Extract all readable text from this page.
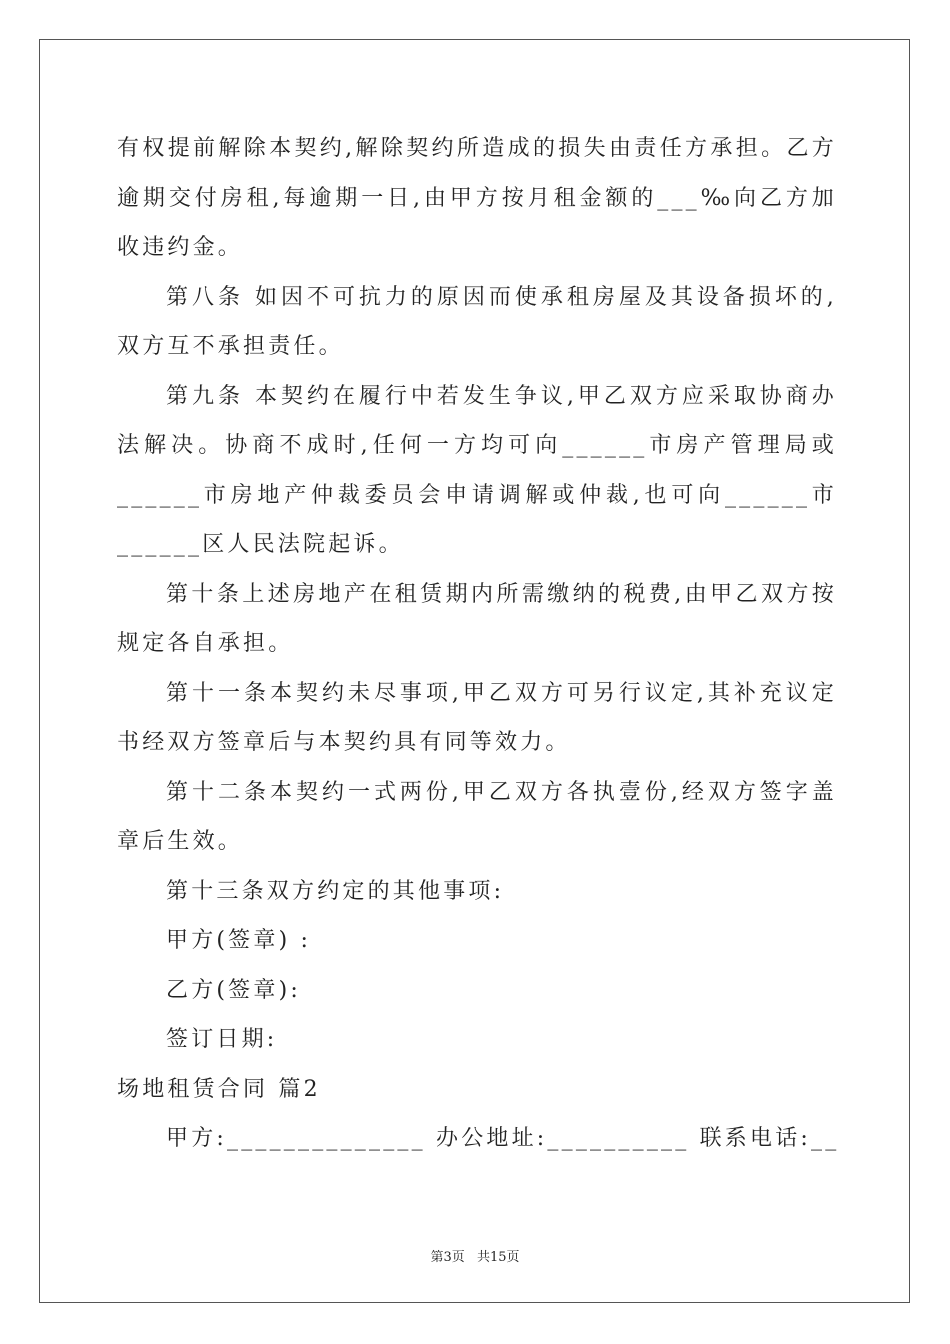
有权提前解除本契约,解除契约所造成的损失由责任方承担。乙方逾期交付房租,每逾期一日,由甲方按月租金额的___‰向乙方加收违约金。

第八条 如因不可抗力的原因而使承租房屋及其设备损坏的,双方互不承担责任。

第九条 本契约在履行中若发生争议,甲乙双方应采取协商办法解决。协商不成时,任何一方均可向______市房产管理局或______市房地产仲裁委员会申请调解或仲裁,也可向______市______区人民法院起诉。

第十条上述房地产在租赁期内所需缴纳的税费,由甲乙双方按规定各自承担。

第十一条本契约未尽事项,甲乙双方可另行议定,其补充议定书经双方签章后与本契约具有同等效力。

第十二条本契约一式两份,甲乙双方各执壹份,经双方签字盖章后生效。

第十三条双方约定的其他事项:

甲方(签章) :

乙方(签章):

签订日期:

场地租赁合同 篇2

甲方:______________ 办公地址:__________ 联系电话:__

第3页 共15页
